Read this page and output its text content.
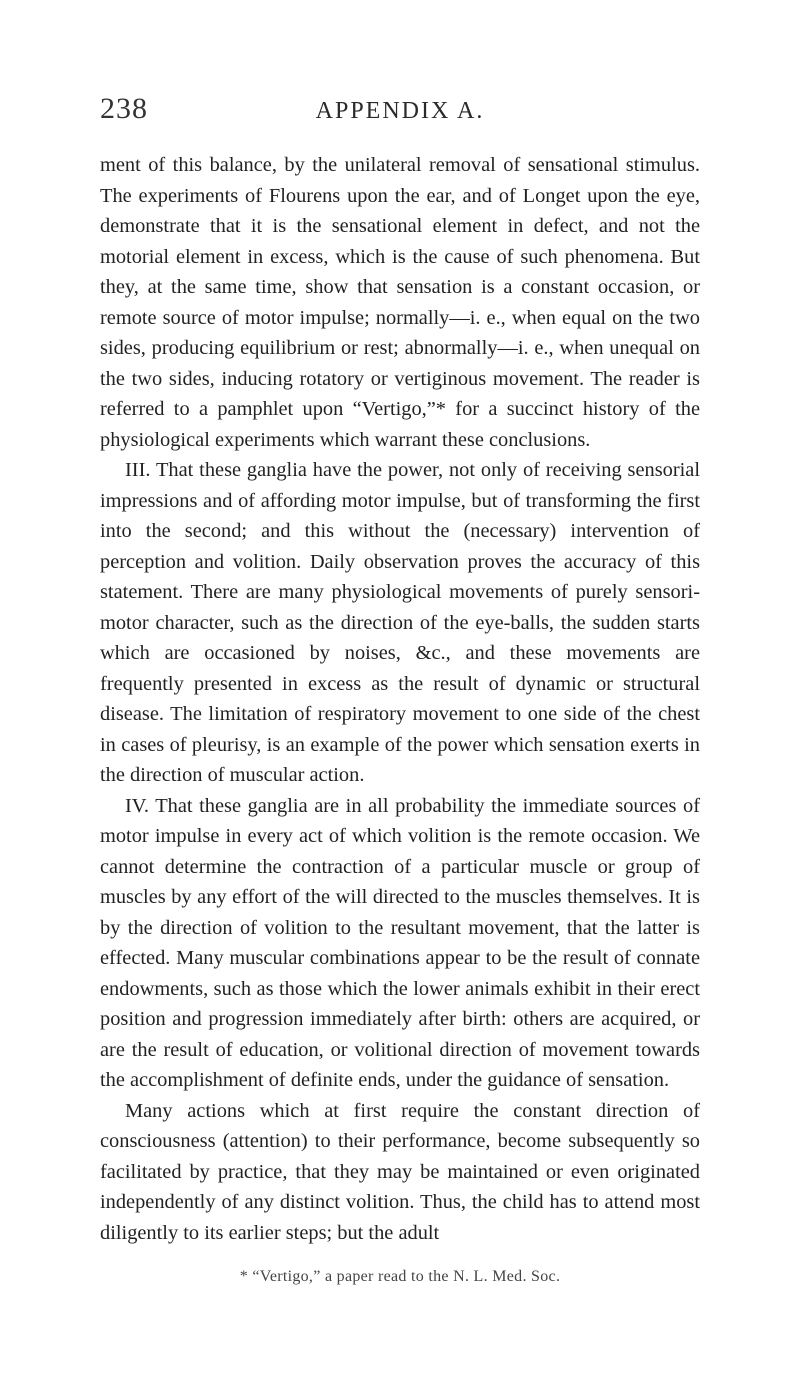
238	APPENDIX A.

ment of this balance, by the unilateral removal of sensational stimulus. The experiments of Flourens upon the ear, and of Longet upon the eye, demonstrate that it is the sensational element in defect, and not the motorial element in excess, which is the cause of such phenomena. But they, at the same time, show that sensation is a constant occasion, or remote source of motor impulse; normally—i. e., when equal on the two sides, producing equilibrium or rest; abnormally—i. e., when unequal on the two sides, inducing rotatory or vertiginous movement. The reader is referred to a pamphlet upon “Vertigo,”* for a succinct history of the physiological experiments which warrant these conclusions.

III. That these ganglia have the power, not only of receiving sensorial impressions and of affording motor impulse, but of transforming the first into the second; and this without the (necessary) intervention of perception and volition. Daily observation proves the accuracy of this statement. There are many physiological movements of purely sensori-motor character, such as the direction of the eye-balls, the sudden starts which are occasioned by noises, &c., and these movements are frequently presented in excess as the result of dynamic or structural disease. The limitation of respiratory movement to one side of the chest in cases of pleurisy, is an example of the power which sensation exerts in the direction of muscular action.

IV. That these ganglia are in all probability the immediate sources of motor impulse in every act of which volition is the remote occasion. We cannot determine the contraction of a particular muscle or group of muscles by any effort of the will directed to the muscles themselves. It is by the direction of volition to the resultant movement, that the latter is effected. Many muscular combinations appear to be the result of connate endowments, such as those which the lower animals exhibit in their erect position and progression immediately after birth: others are acquired, or are the result of education, or volitional direction of movement towards the accomplishment of definite ends, under the guidance of sensation.

Many actions which at first require the constant direction of consciousness (attention) to their performance, become subsequently so facilitated by practice, that they may be maintained or even originated independently of any distinct volition. Thus, the child has to attend most diligently to its earlier steps; but the adult

* “Vertigo,” a paper read to the N. L. Med. Soc.
